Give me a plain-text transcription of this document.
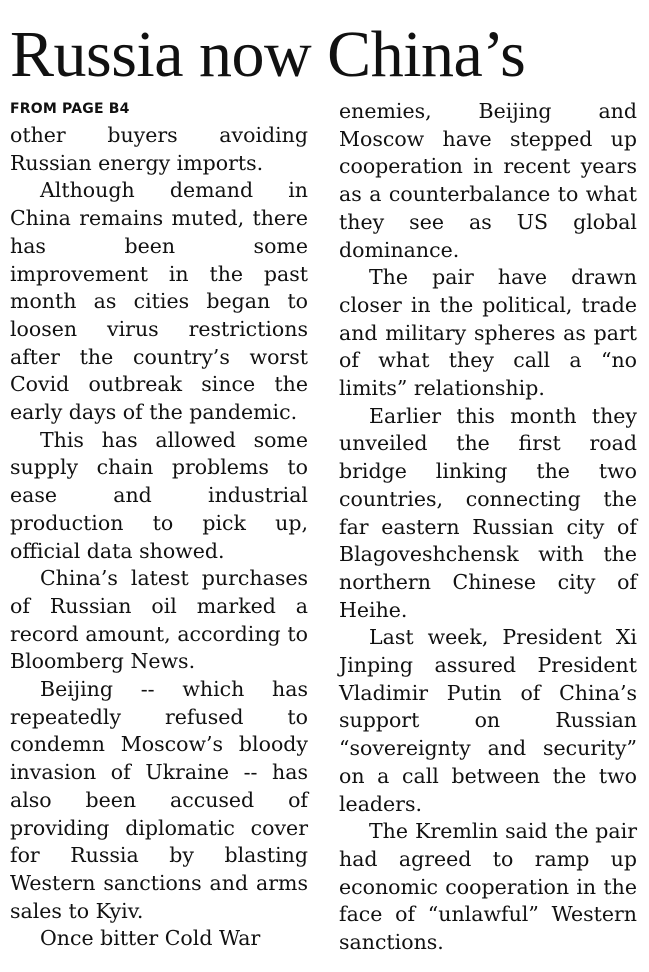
Russia now China’s
FROM PAGE B4

other buyers avoiding Russian energy imports.

Although demand in China remains muted, there has been some improvement in the past month as cities began to loosen virus restrictions after the country’s worst Covid outbreak since the early days of the pandemic.

This has allowed some supply chain problems to ease and industrial production to pick up, official data showed.

China’s latest purchases of Russian oil marked a record amount, according to Bloomberg News.

Beijing -- which has repeatedly refused to condemn Moscow’s bloody invasion of Ukraine -- has also been accused of providing diplomatic cover for Russia by blasting Western sanctions and arms sales to Kyiv.

Once bitter Cold War

enemies, Beijing and Moscow have stepped up cooperation in recent years as a counterbalance to what they see as US global dominance.

The pair have drawn closer in the political, trade and military spheres as part of what they call a “no limits” relationship.

Earlier this month they unveiled the first road bridge linking the two countries, connecting the far eastern Russian city of Blagoveshchensk with the northern Chinese city of Heihe.

Last week, President Xi Jinping assured President Vladimir Putin of China’s support on Russian “sovereignty and security” on a call between the two leaders.

The Kremlin said the pair had agreed to ramp up economic cooperation in the face of “unlawful” Western sanctions.
